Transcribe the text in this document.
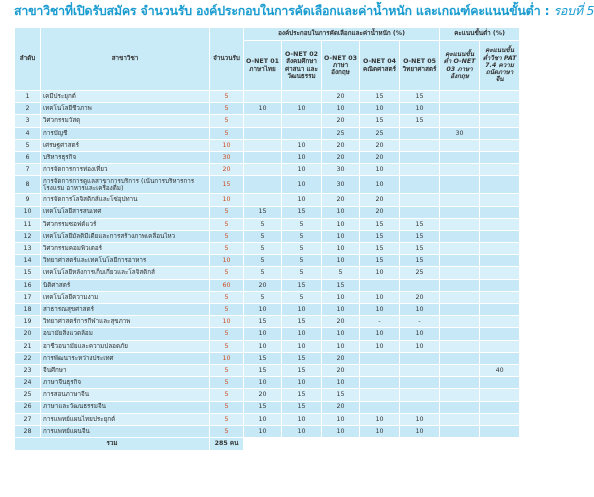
สาขาวิชาที่เปิดรับสมัคร จำนวนรับ องค์ประกอบในการคัดเลือกและค่าน้ำหนัก และเกณฑ์คะแนนขั้นต่ำ : รอบที่ 5
ลำดับ	สาขาวิชา	จำนวนรับ	องค์ประกอบในการคัดเลือกและค่าน้ำหนัก (%)					คะแนนขั้นต่ำ (%)		
			O-NET 01 ภาษาไทย	O-NET 02 สังคมศึกษา ศาสนา และวัฒนธรรม	O-NET 03 ภาษาอังกฤษ	O-NET 04 คณิตศาสตร์	O-NET 05 วิทยาศาสตร์	คะแนนขั้นต่ำ O-NET 03 ภาษาอังกฤษ	คะแนนขั้นต่ำวิชา PAT 7.4 ความถนัดภาษาจีน	
1	เคมีประยุกต์	5			20	15	15			
2	เทคโนโลยีชีวภาพ	5	10	10	10	10	10			
3	วิศวกรรมวัสดุ	5			20	15	15			
4	การบัญชี	5			25	25		30		
5	เศรษฐศาสตร์	10		10	20	20				
6	บริหารธุรกิจ	30		10	20	20				
7	การจัดการการท่องเที่ยว	20		10	30	10				
8	การจัดการการดูแลสาขาการบริการ (เน้นการบริหารการโรงแรม อาหารและเครื่องดื่ม)	15		10	30	10				
9	การจัดการโลจิสติกส์และโซ่อุปทาน	10		10	20	20				
10	เทคโนโลยีสารสนเทศ	5	15	15	10	20				
11	วิศวกรรมซอฟต์แวร์	5	5	5	10	15	15			
12	เทคโนโลยีมัลติมีเดียและการสร้างภาพเคลื่อนไหว	5	5	5	10	15	15			
13	วิศวกรรมคอมพิวเตอร์	5	5	5	10	15	15			
14	วิทยาศาสตร์และเทคโนโลยีการอาหาร	10	5	5	10	15	15			
15	เทคโนโลยีหลังการเก็บเกี่ยวและโลจิสติกส์	5	5	5	5	10	25			
16	นิติศาสตร์	60	20	15	15					
17	เทคโนโลยีความงาม	5	5	5	10	10	20			
18	สาธารณสุขศาสตร์	5	10	10	10	10	10			
19	วิทยาศาสตร์การกีฬาและสุขภาพ	10	15	15	20	-	-			
20	อนามัยสิ่งแวดล้อม	5	10	10	10	10	10			
21	อาชีวอนามัยและความปลอดภัย	5	10	10	10	10	10			
22	การพัฒนาระหว่างประเทศ	10	15	15	20					
23	จีนศึกษา	5	15	15	20				40	
24	ภาษาจีนธุรกิจ	5	10	10	10					
25	การสอนภาษาจีน	5	20	15	15					
26	ภาษาและวัฒนธรรมจีน	5	15	15	20					
27	การแพทย์แผนไทยประยุกต์	5	10	10	10	10	10			
28	การแพทย์แผนจีน	5	10	10	10	10	10			
รวม		285 คน								
